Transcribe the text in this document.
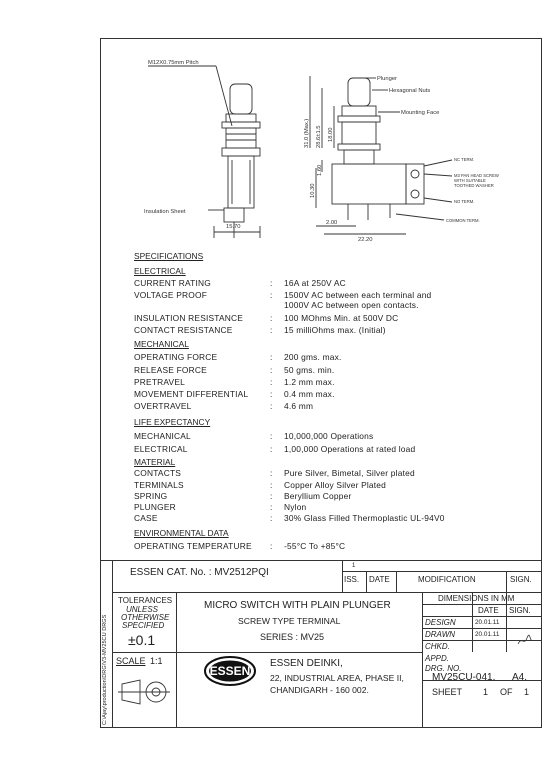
M12X0.75mm Pitch
Plunger
Hexagonal Nuts
Mounting Face
Insulation Sheet
15.70
2.00
22.20
NC TERM.
M3 PAN HEAD SCREW
WITH SUITABLE
TOOTHED WASHER
NO TERM.
COMMON TERM.
31.0 (Max.) 28.6±1.5 18.00
1.60
10.30
SPECIFICATIONS
ELECTRICAL
CURRENT RATING	: 16A at 250V AC
VOLTAGE PROOF	: 1500V AC between each terminal and
1000V AC between open contacts.
INSULATION RESISTANCE	: 100 MOhms Min. at 500V DC
CONTACT RESISTANCE	: 15 milliOhms max. (Initial)
MECHANICAL
OPERATING FORCE	: 200 gms. max.
RELEASE FORCE	: 50 gms. min.
PRETRAVEL	: 1.2 mm max.
MOVEMENT DIFFERENTIAL	: 0.4 mm max.
OVERTRAVEL	: 4.6 mm
LIFE EXPECTANCY
MECHANICAL	: 10,000,000 Operations
ELECTRICAL	: 1,00,000 Operations at rated load
MATERIAL
CONTACTS	: Pure Silver, Bimetal, Silver plated
TERMINALS	: Copper Alloy Silver Plated
SPRING	: Beryllium Copper
PLUNGER	: Nylon
CASE	: 30% Glass Filled Thermoplastic UL-94V0
ENVIRONMENTAL DATA
OPERATING TEMPERATURE : -55°C To +85°C
ESSEN CAT. No. : MV2512PQI
1
ISS. DATE	MODIFICATION	SIGN.
TOLERANCES
UNLESS
OTHERWISE
SPECIFIED
±0.1
MICRO SWITCH WITH PLAIN PLUNGER
SCREW TYPE TERMINAL
SERIES : MV25
DIMENSIONS IN MM
DATE SIGN.
DESIGN	20.01.11
DRAWN	20.01.11
CHKD.
APPD.
DRG. NO.
MV25CU-041. A4.
SHEET 1 OF 1
SCALE 1:1
ESSEN
ESSEN DEINKI,
22, INDUSTRIAL AREA, PHASE II,
CHANDIGARH - 160 002.
C:\Ajay\production\DRG\V3-MV25CU DRGS
